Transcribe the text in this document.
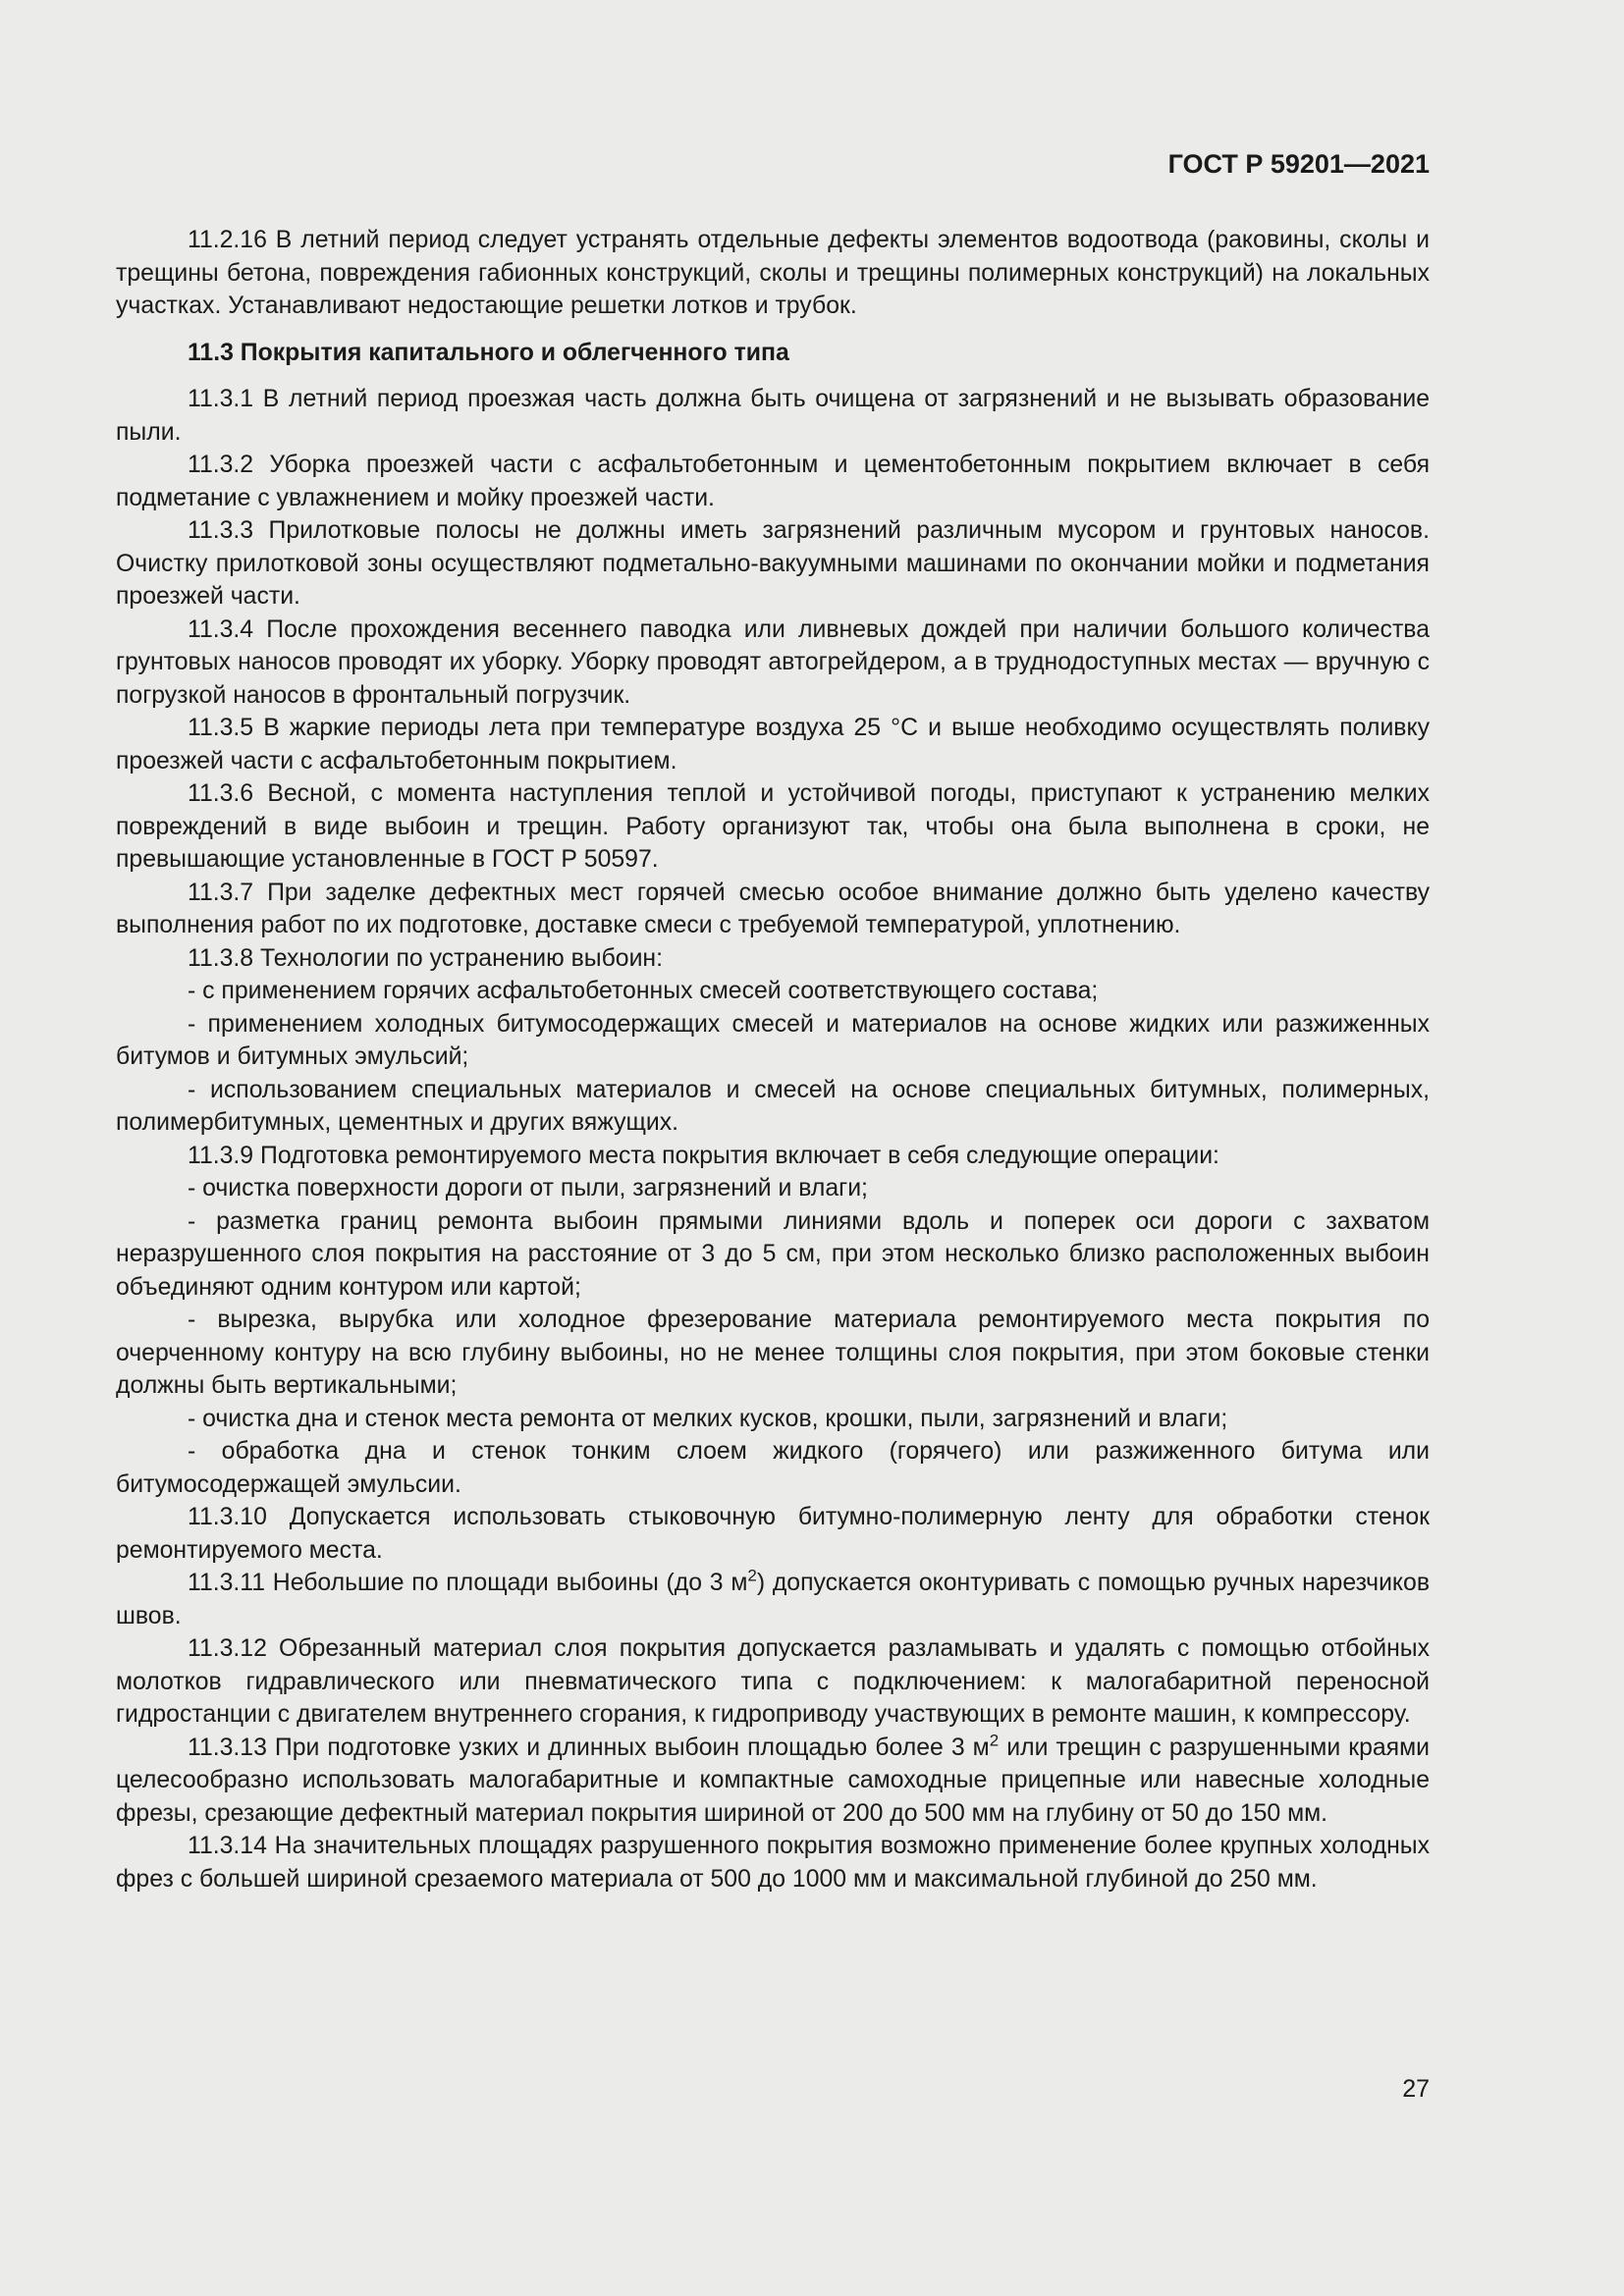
ГОСТ Р 59201—2021

11.2.16 В летний период следует устранять отдельные дефекты элементов водоотвода (раковины, сколы и трещины бетона, повреждения габионных конструкций, сколы и трещины полимерных конструкций) на локальных участках. Устанавливают недостающие решетки лотков и трубок.

11.3 Покрытия капитального и облегченного типа

11.3.1 В летний период проезжая часть должна быть очищена от загрязнений и не вызывать образование пыли.

11.3.2 Уборка проезжей части с асфальтобетонным и цементобетонным покрытием включает в себя подметание с увлажнением и мойку проезжей части.

11.3.3 Прилотковые полосы не должны иметь загрязнений различным мусором и грунтовых наносов. Очистку прилотковой зоны осуществляют подметально-вакуумными машинами по окончании мойки и подметания проезжей части.

11.3.4 После прохождения весеннего паводка или ливневых дождей при наличии большого количества грунтовых наносов проводят их уборку. Уборку проводят автогрейдером, а в труднодоступных местах — вручную с погрузкой наносов в фронтальный погрузчик.

11.3.5 В жаркие периоды лета при температуре воздуха 25 °С и выше необходимо осуществлять поливку проезжей части с асфальтобетонным покрытием.

11.3.6 Весной, с момента наступления теплой и устойчивой погоды, приступают к устранению мелких повреждений в виде выбоин и трещин. Работу организуют так, чтобы она была выполнена в сроки, не превышающие установленные в ГОСТ Р 50597.

11.3.7 При заделке дефектных мест горячей смесью особое внимание должно быть уделено качеству выполнения работ по их подготовке, доставке смеси с требуемой температурой, уплотнению.

11.3.8 Технологии по устранению выбоин:

- с применением горячих асфальтобетонных смесей соответствующего состава;

- применением холодных битумосодержащих смесей и материалов на основе жидких или разжиженных битумов и битумных эмульсий;

- использованием специальных материалов и смесей на основе специальных битумных, полимерных, полимербитумных, цементных и других вяжущих.

11.3.9 Подготовка ремонтируемого места покрытия включает в себя следующие операции:

- очистка поверхности дороги от пыли, загрязнений и влаги;

- разметка границ ремонта выбоин прямыми линиями вдоль и поперек оси дороги с захватом неразрушенного слоя покрытия на расстояние от 3 до 5 см, при этом несколько близко расположенных выбоин объединяют одним контуром или картой;

- вырезка, вырубка или холодное фрезерование материала ремонтируемого места покрытия по очерченному контуру на всю глубину выбоины, но не менее толщины слоя покрытия, при этом боковые стенки должны быть вертикальными;

- очистка дна и стенок места ремонта от мелких кусков, крошки, пыли, загрязнений и влаги;

- обработка дна и стенок тонким слоем жидкого (горячего) или разжиженного битума или битумосодержащей эмульсии.

11.3.10 Допускается использовать стыковочную битумно-полимерную ленту для обработки стенок ремонтируемого места.

11.3.11 Небольшие по площади выбоины (до 3 $м^2$) допускается оконтуривать с помощью ручных нарезчиков швов.

11.3.12 Обрезанный материал слоя покрытия допускается разламывать и удалять с помощью отбойных молотков гидравлического или пневматического типа с подключением: к малогабаритной переносной гидростанции с двигателем внутреннего сгорания, к гидроприводу участвующих в ремонте машин, к компрессору.

11.3.13 При подготовке узких и длинных выбоин площадью более 3 $м^2$ или трещин с разрушенными краями целесообразно использовать малогабаритные и компактные самоходные прицепные или навесные холодные фрезы, срезающие дефектный материал покрытия шириной от 200 до 500 мм на глубину от 50 до 150 мм.

11.3.14 На значительных площадях разрушенного покрытия возможно применение более крупных холодных фрез с большей шириной срезаемого материала от 500 до 1000 мм и максимальной глубиной до 250 мм.

27
